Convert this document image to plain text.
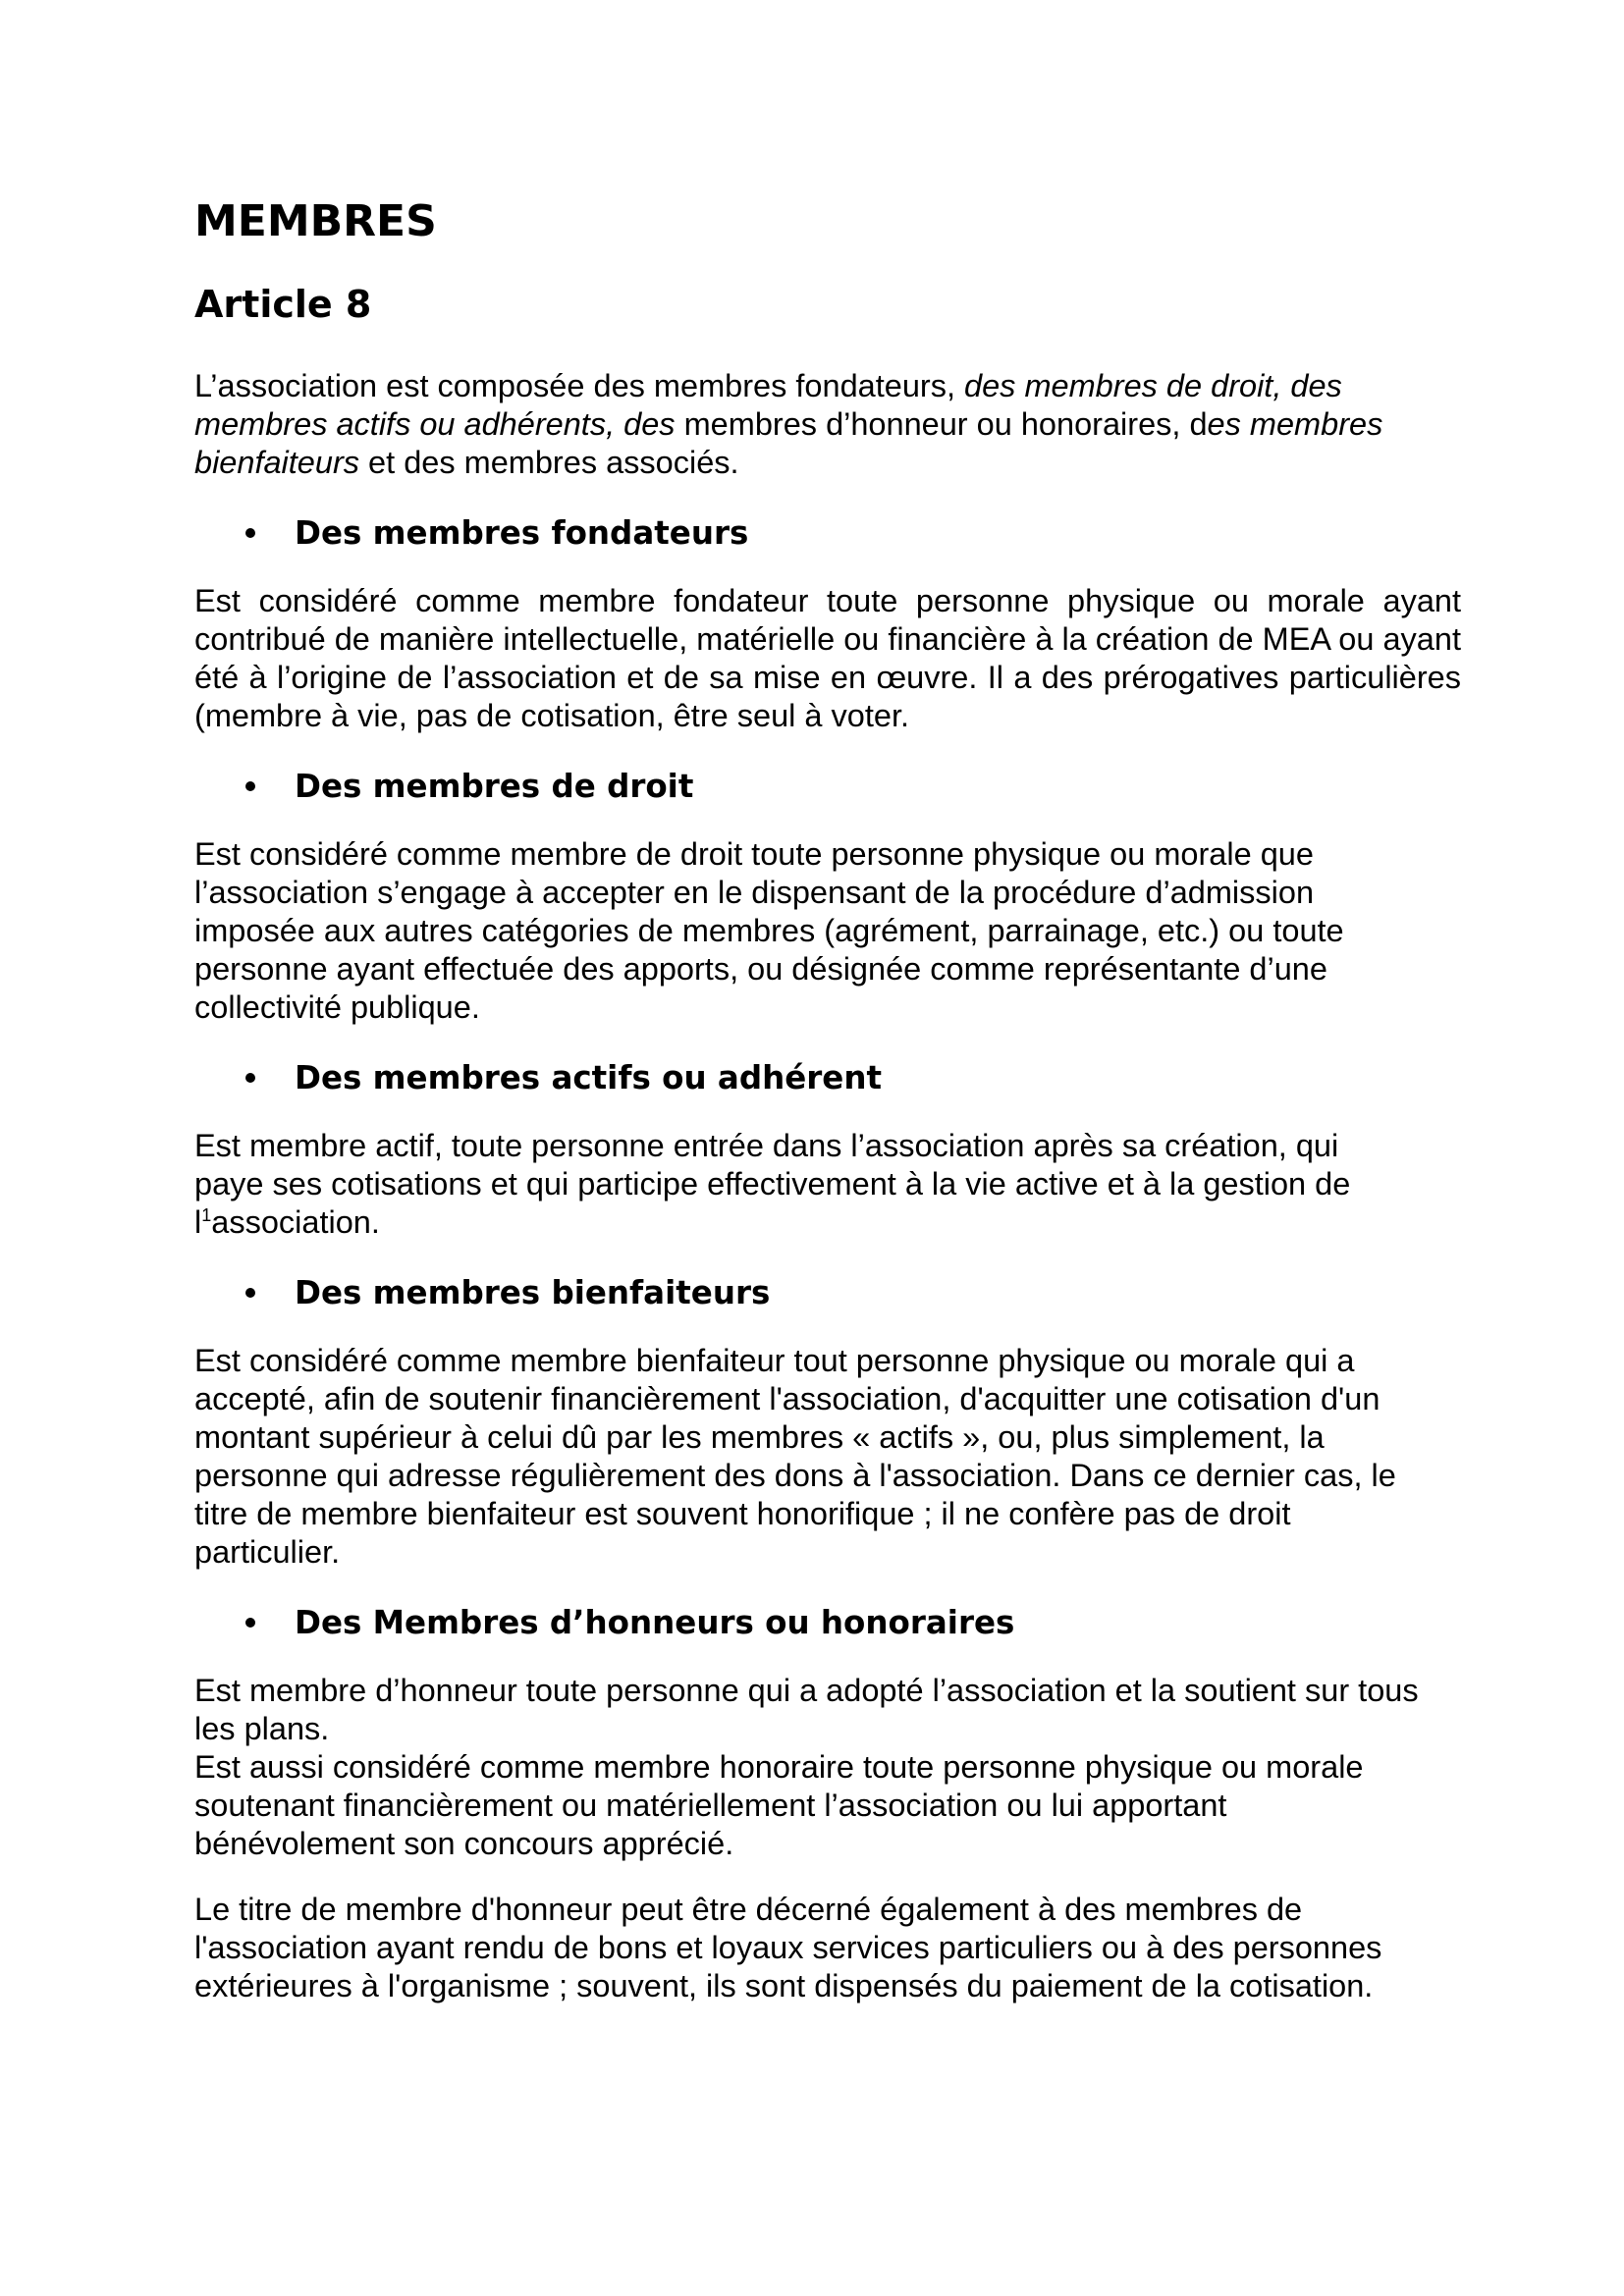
MEMBRES
Article 8

L’association est composée des membres fondateurs, des membres de droit, des membres actifs ou adhérents, des membres d’honneur ou honoraires, des membres bienfaiteurs et des membres associés.

Des membres fondateurs

Est considéré comme membre fondateur toute personne physique ou morale ayant contribué de manière intellectuelle, matérielle ou financière à la création de MEA ou ayant été à l’origine de l’association et de sa mise en œuvre. Il a des prérogatives particulières (membre à vie, pas de cotisation, être seul à voter.

Des membres de droit

Est considéré comme membre de droit toute personne physique ou morale que l’association s’engage à accepter en le dispensant de la procédure d’admission imposée aux autres catégories de membres (agrément, parrainage, etc.) ou toute personne ayant effectuée des apports, ou désignée comme représentante d’une collectivité publique.

Des membres actifs ou adhérent

Est membre actif, toute personne entrée dans l’association après sa création, qui paye ses cotisations et qui participe effectivement à la vie active et à la gestion de $l^1association$.

Des membres bienfaiteurs

Est considéré comme membre bienfaiteur tout personne physique ou morale qui a accepté, afin de soutenir financièrement l'association, d'acquitter une cotisation d'un montant supérieur à celui dû par les membres « actifs », ou, plus simplement, la personne qui adresse régulièrement des dons à l'association. Dans ce dernier cas, le titre de membre bienfaiteur est souvent honorifique ; il ne confère pas de droit particulier.

Des Membres d’honneurs ou honoraires

Est membre d’honneur toute personne qui a adopté l’association et la soutient sur tous les plans.

Est aussi considéré comme membre honoraire toute personne physique ou morale soutenant financièrement ou matériellement l’association ou lui apportant bénévolement son concours apprécié.

Le titre de membre d'honneur peut être décerné également à des membres de l'association ayant rendu de bons et loyaux services particuliers ou à des personnes extérieures à l'organisme ; souvent, ils sont dispensés du paiement de la cotisation.
